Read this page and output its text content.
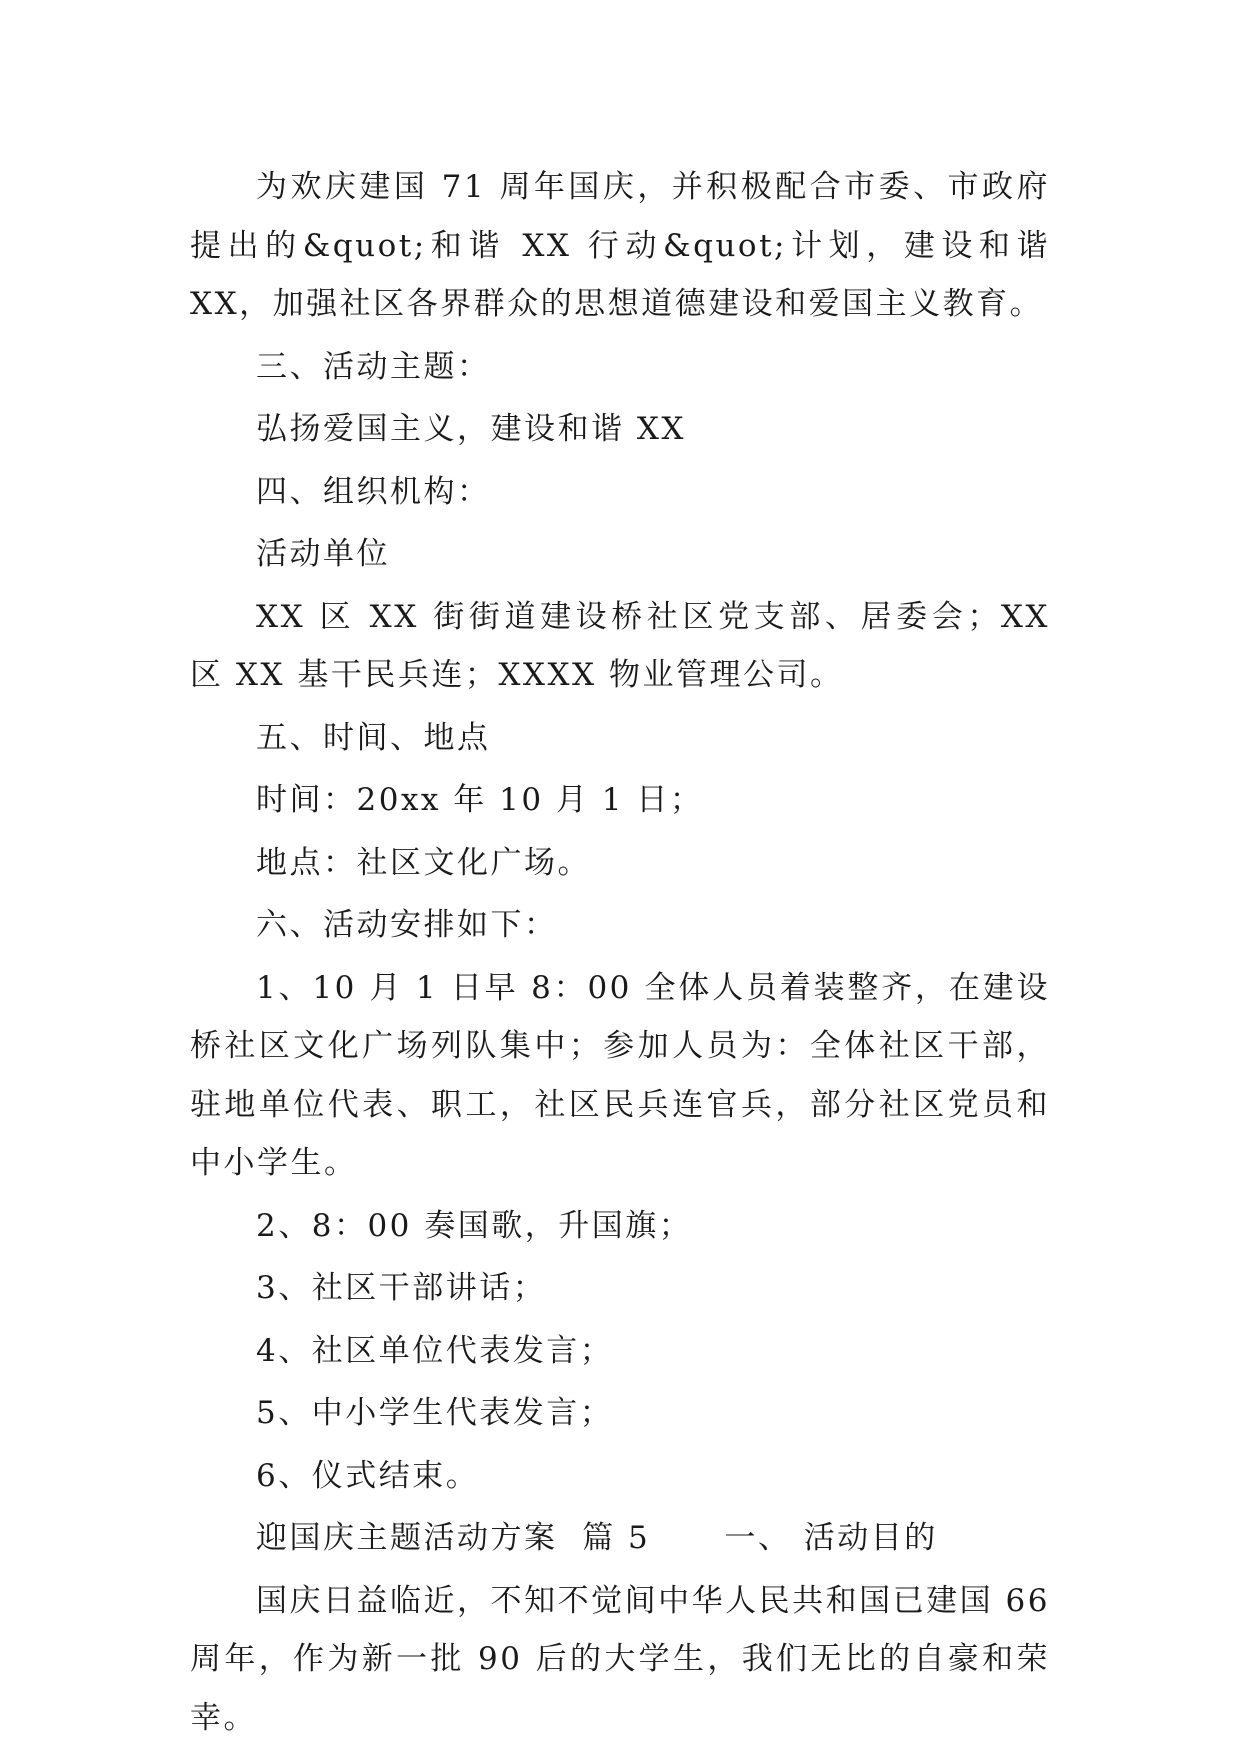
为欢庆建国 71 周年国庆，并积极配合市委、市政府提出的&quot;和谐 XX 行动&quot;计划，建设和谐 XX，加强社区各界群众的思想道德建设和爱国主义教育。

三、活动主题：

弘扬爱国主义，建设和谐 XX

四、组织机构：

活动单位

XX 区 XX 街街道建设桥社区党支部、居委会；XX 区 XX 基干民兵连；XXXX 物业管理公司。

五、时间、地点

时间：20xx 年 10 月 1 日；

地点：社区文化广场。

六、活动安排如下：

1、10 月 1 日早 8：00 全体人员着装整齐，在建设桥社区文化广场列队集中；参加人员为：全体社区干部，驻地单位代表、职工，社区民兵连官兵，部分社区党员和中小学生。

2、8：00 奏国歌，升国旗；

3、社区干部讲话；

4、社区单位代表发言；

5、中小学生代表发言；

6、仪式结束。

迎国庆主题活动方案  篇 5      一、 活动目的

国庆日益临近，不知不觉间中华人民共和国已建国 66 周年，作为新一批 90 后的大学生，我们无比的自豪和荣幸。
